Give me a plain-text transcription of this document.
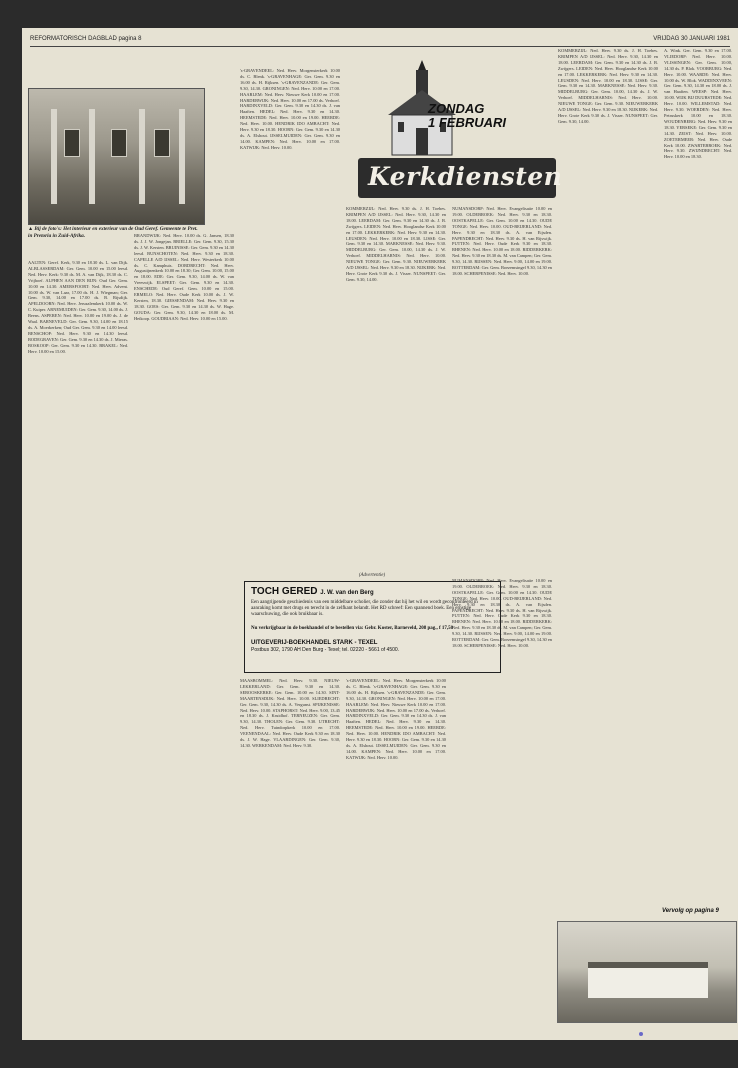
REFORMATORISCH DAGBLAD pagina 8	VRIJDAG 30 JANUARI 1981
▲ Bij de foto's: Het interieur en exterieur van de Oud Geref. Gemeente te Pret. in Pretoria in Zuid-Afrika.
AALTEN: Geref. Kerk, 9.30 en 18.30 ds. L. van Dijk. ALBLASSERDAM: Ger. Gem. 10.00 en 15.00 leesd. Ned. Herv. Kerk: 9.30 ds. M. A. van Dijk, 18.30 ds. C. Vrijhoef. ALPHEN AAN DEN RIJN: Oud Ger. Gem. 10.00 en 14.30. AMERSFOORT: Ned. Herv. Advent. 10.00 ds. W. van Laar, 17.00 ds. H. J. Wiegman; Ger. Gem. 9.30, 14.00 en 17.00 ds. B. Rijsdijk. APELDOORN: Ned. Herv. Jeruzalemkerk 10.00 ds. W. C. Kuiper. ARNEMUIDEN: Ger. Gem. 9.30, 14.00 ds. J. Beens. ASPEREN: Ned. Herv. 10.00 en 19.00 ds. J. de Waal. BARNEVELD: Ger. Gem. 9.30, 14.00 en 18.15 ds. A. Moerkerken; Oud Ger. Gem. 9.30 en 14.00 leesd. BENSCHOP: Ned. Herv. 9.30 en 14.30 leesd. BODEGRAVEN: Ger. Gem. 9.30 en 14.30 ds. J. Mieras. BOSKOOP: Ger. Gem. 9.30 en 14.30. BRAKEL: Ned. Herv. 10.00 en 15.00.
BRANDWIJK: Ned. Herv. 10.00 ds. G. Jansen, 18.30 ds. J. J. W. Jongejan. BRIELLE: Ger. Gem. 9.30, 15.30 ds. J. W. Kersten. BRUINISSE: Ger. Gem. 9.30 en 14.30 leesd. BUNSCHOTEN: Ned. Herv. 9.30 en 18.30. CAPELLE A/D IJSSEL: Ned. Herv. Westerkerk 10.00 ds. C. Kamphuis. DORDRECHT: Ned. Herv. Augustijnenkerk 10.00 en 18.30; Ger. Gem. 10.00, 15.00 en 18.00. EDE: Ger. Gem. 9.30, 14.00 ds. W. van Vreeswijk. ELSPEET: Ger. Gem. 9.30 en 14.30. ENSCHEDE: Oud Geref. Gem. 10.00 en 15.00. ERMELO: Ned. Herv. Oude Kerk 10.00 ds. J. W. Kersten, 18.30. GIESSENDAM: Ned. Herv. 9.30 en 18.30. GOES: Ger. Gem. 9.30 en 14.30 ds. W. Hage. GOUDA: Ger. Gem. 9.30, 14.30 en 18.00 ds. M. Heikoop. GOUDRIAAN: Ned. Herv. 10.00 en 15.00.
's-GRAVENDEEL: Ned. Herv. Morgensterkerk 10.00 ds. C. Blenk. 's-GRAVENHAGE: Ger. Gem. 9.30 en 16.00 ds. H. Rijksen. 's-GRAVENZANDE: Ger. Gem. 9.30, 14.30. GRONINGEN: Ned. Herv. 10.00 en 17.00. HAARLEM: Ned. Herv. Nieuwe Kerk 10.00 en 17.00. HARDERWIJK: Ned. Herv. 10.00 en 17.00 ds. Verhoef. HARDINXVELD: Ger. Gem. 9.30 en 14.30 ds. J. van Haaften. HEDEL: Ned. Herv. 9.30 en 14.30. HEEMSTEDE: Ned. Herv. 10.00 en 19.00. HEERDE: Ned. Herv. 10.00. HENDRIK IDO AMBACHT: Ned. Herv. 9.30 en 18.30. HOORN: Ger. Gem. 9.30 en 14.30 ds. A. Elshout. IJSSELMUIDEN: Ger. Gem. 9.30 en 14.00. KAMPEN: Ned. Herv. 10.00 en 17.00. KATWIJK: Ned. Herv. 10.00.
ZONDAG
1 FEBRUARI
Kerkdiensten
KOMMERZIJL: Ned. Herv. 9.30 ds. J. H. Toebes. KRIMPEN A/D IJSSEL: Ned. Herv. 9.30, 14.30 en 18.00. LEERDAM: Ger. Gem. 9.30 en 14.30 ds. J. B. Zwijgers. LEIDEN: Ned. Herv. Hooglandse Kerk 10.00 en 17.00. LEKKERKERK: Ned. Herv. 9.30 en 14.30. LEUSDEN: Ned. Herv. 10.00 en 18.30. LISSE: Ger. Gem. 9.30 en 14.30. MARKNESSE: Ned. Herv. 9.30. MIDDELBURG: Ger. Gem. 10.00, 14.30 ds. J. W. Verhoef. MIDDELHARNIS: Ned. Herv. 10.00. NIEUWE TONGE: Ger. Gem. 9.30. NIEUWERKERK A/D IJSSEL: Ned. Herv. 9.30 en 18.30. NIJKERK: Ned. Herv. Grote Kerk 9.30 ds. J. Visser. NUNSPEET: Ger. Gem. 9.30, 14.00.
NUMANSDORP: Ned. Herv. Evangelisatie 10.00 en 19.00. OLDEBROEK: Ned. Herv. 9.30 en 18.30. OOSTKAPELLE: Ger. Gem. 10.00 en 14.30. OUDE TONGE: Ned. Herv. 10.00. OUD-BEIJERLAND: Ned. Herv. 9.30 en 18.30 ds. A. van Eijsden. PAPENDRECHT: Ned. Herv. 9.30 ds. H. van Rijswijk. PUTTEN: Ned. Herv. Oude Kerk 9.30 en 18.30. RHENEN: Ned. Herv. 10.00 en 18.00. RIDDERKERK: Ned. Herv. 9.30 en 18.30 ds. M. van Campen; Ger. Gem. 9.30, 14.30. RIJSSEN: Ned. Herv. 9.00, 14.00 en 19.00. ROTTERDAM: Ger. Gem. Boezemsingel 9.30, 14.30 en 18.00. SCHERPENISSE: Ned. Herv. 10.00.
(Advertentie)
TOCH GERED J. W. van den Berg
Een aangrijpende geschiedenis van een middelbare scholier, die zonder dat hij het wil en wordt geconfronteerd in aanraking komt met drugs en terecht in de zelfkant belandt. Het RD schreef: Een spannend boek. Een ernstige waarschuwing, die ook bruikbaar is.
Nu verkrijgbaar in de boekhandel of te bestellen via: Gebr. Koster, Barneveld, 208 pag., f 17,50
UITGEVERIJ-BOEKHANDEL STARK - TEXEL
Postbus 302, 1790 AH Den Burg - Texel; tel. 02220 - 5661 of 4500.
MAASBOMMEL: Ned. Herv. 9.30. NIEUW-LEKKERLAND: Ger. Gem. 9.30 en 14.30. SEROOSKERKE: Ger. Gem. 10.00 en 14.30. SINT-MAARTENSDIJK: Ned. Herv. 10.00. SLIEDRECHT: Ger. Gem. 9.30, 14.30 ds. A. Vergunst. SPIJKENISSE: Ned. Herv. 10.00. STAPHORST: Ned. Herv. 9.00, 13.45 en 18.30 ds. J. Kruidhof. TERNEUZEN: Ger. Gem. 9.30, 14.30. THOLEN: Ger. Gem. 9.30. UTRECHT: Ned. Herv. Tuindorpkerk 10.00 en 17.00. VEENENDAAL: Ned. Herv. Oude Kerk 9.30 en 18.30 ds. J. W. Hage. VLAARDINGEN: Ger. Gem. 9.30, 14.30. WERKENDAM: Ned. Herv. 9.30.
's-GRAVENDEEL: Ned. Herv. Morgensterkerk 10.00 ds. C. Blenk. 's-GRAVENHAGE: Ger. Gem. 9.30 en 16.00 ds. H. Rijksen. 's-GRAVENZANDE: Ger. Gem. 9.30, 14.30. GRONINGEN: Ned. Herv. 10.00 en 17.00. HAARLEM: Ned. Herv. Nieuwe Kerk 10.00 en 17.00. HARDERWIJK: Ned. Herv. 10.00 en 17.00 ds. Verhoef. HARDINXVELD: Ger. Gem. 9.30 en 14.30 ds. J. van Haaften. HEDEL: Ned. Herv. 9.30 en 14.30. HEEMSTEDE: Ned. Herv. 10.00 en 19.00. HEERDE: Ned. Herv. 10.00. HENDRIK IDO AMBACHT: Ned. Herv. 9.30 en 18.30. HOORN: Ger. Gem. 9.30 en 14.30 ds. A. Elshout. IJSSELMUIDEN: Ger. Gem. 9.30 en 14.00. KAMPEN: Ned. Herv. 10.00 en 17.00. KATWIJK: Ned. Herv. 10.00.
NUMANSDORP: Ned. Herv. Evangelisatie 10.00 en 19.00. OLDEBROEK: Ned. Herv. 9.30 en 18.30. OOSTKAPELLE: Ger. Gem. 10.00 en 14.30. OUDE TONGE: Ned. Herv. 10.00. OUD-BEIJERLAND: Ned. Herv. 9.30 en 18.30 ds. A. van Eijsden. PAPENDRECHT: Ned. Herv. 9.30 ds. H. van Rijswijk. PUTTEN: Ned. Herv. Oude Kerk 9.30 en 18.30. RHENEN: Ned. Herv. 10.00 en 18.00. RIDDERKERK: Ned. Herv. 9.30 en 18.30 ds. M. van Campen; Ger. Gem. 9.30, 14.30. RIJSSEN: Ned. Herv. 9.00, 14.00 en 19.00. ROTTERDAM: Ger. Gem. Boezemsingel 9.30, 14.30 en 18.00. SCHERPENISSE: Ned. Herv. 10.00.
KOMMERZIJL: Ned. Herv. 9.30 ds. J. H. Toebes. KRIMPEN A/D IJSSEL: Ned. Herv. 9.30, 14.30 en 18.00. LEERDAM: Ger. Gem. 9.30 en 14.30 ds. J. B. Zwijgers. LEIDEN: Ned. Herv. Hooglandse Kerk 10.00 en 17.00. LEKKERKERK: Ned. Herv. 9.30 en 14.30. LEUSDEN: Ned. Herv. 10.00 en 18.30. LISSE: Ger. Gem. 9.30 en 14.30. MARKNESSE: Ned. Herv. 9.30. MIDDELBURG: Ger. Gem. 10.00, 14.30 ds. J. W. Verhoef. MIDDELHARNIS: Ned. Herv. 10.00. NIEUWE TONGE: Ger. Gem. 9.30. NIEUWERKERK A/D IJSSEL: Ned. Herv. 9.30 en 18.30. NIJKERK: Ned. Herv. Grote Kerk 9.30 ds. J. Visser. NUNSPEET: Ger. Gem. 9.30, 14.00.
A. Wink. Ger. Gem. 9.30 en 17.00. VLIEDORP: Ned. Herv. 10.00. VLISSINGEN: Ger. Gem. 10.00, 14.30 ds. P. Blok. VOORBURG: Ned. Herv. 10.00. WAARDE: Ned. Herv. 10.00 ds. W. Blok. WADDINXVEEN: Ger. Gem. 9.30, 14.30 en 18.00 ds. J. van Haaften. WEESP: Ned. Herv. 10.00. WIJK BIJ DUURSTEDE: Ned. Herv. 10.00. WILLEMSTAD: Ned. Herv. 9.30. WOERDEN: Ned. Herv. Petruskerk 10.00 en 18.30. WOUDENBERG: Ned. Herv. 9.30 en 18.30. YERSEKE: Ger. Gem. 9.30 en 14.30. ZEIST: Ned. Herv. 10.00. ZOETERMEER: Ned. Herv. Oude Kerk 10.00. ZWARTEBROEK: Ned. Herv. 9.30. ZWIJNDRECHT: Ned. Herv. 10.00 en 18.30.
Vervolg op pagina 9
